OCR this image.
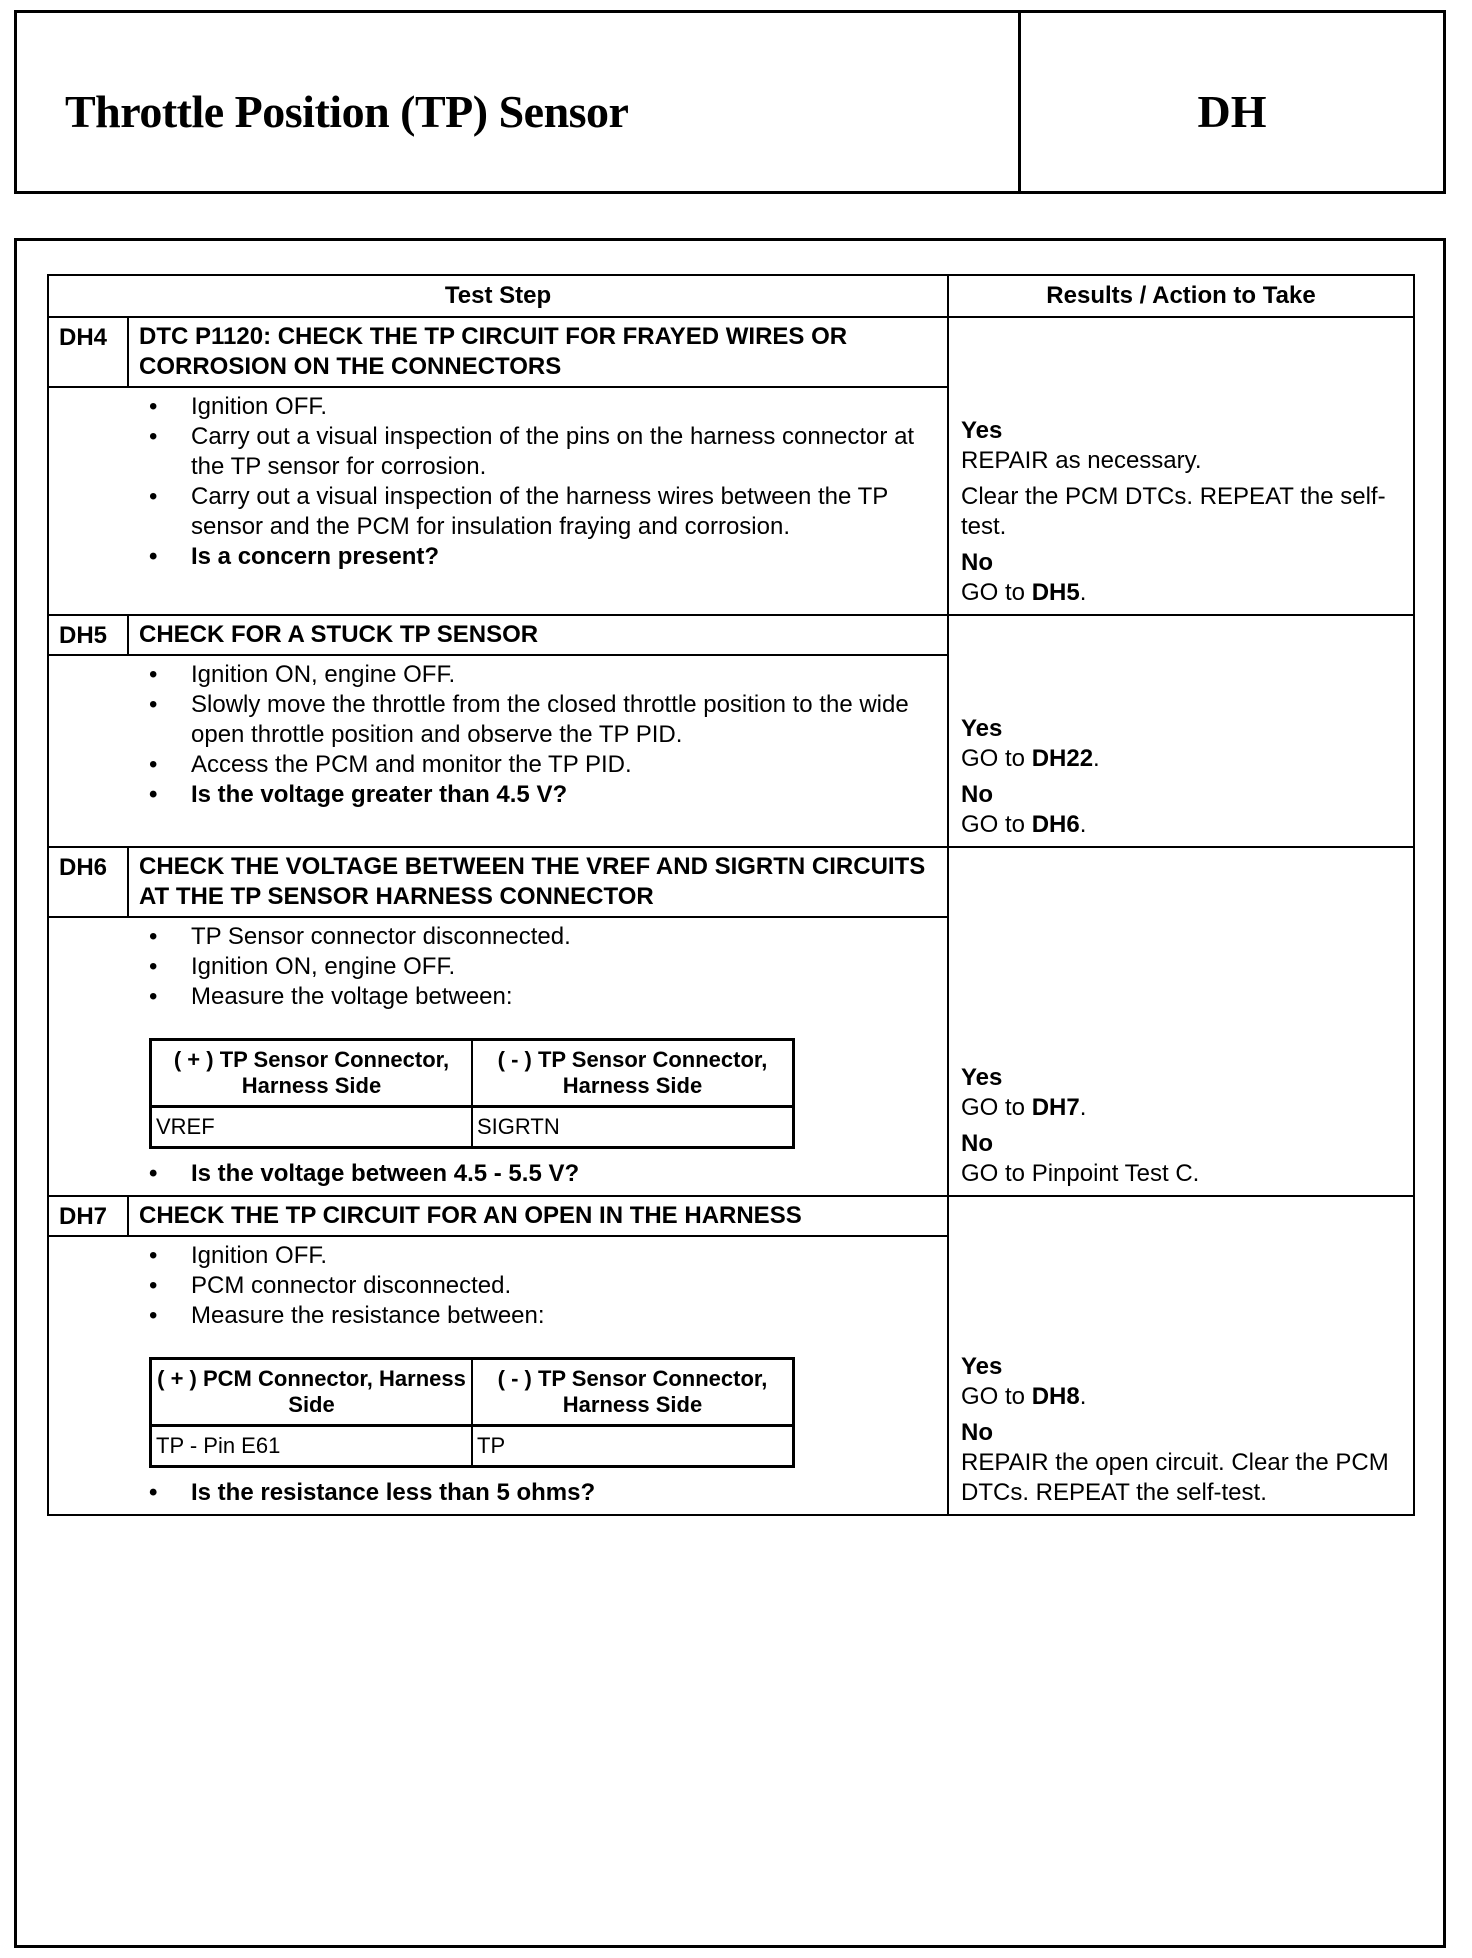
Throttle Position (TP) Sensor	DH
Test Step	Results / Action to Take
DH4	DTC P1120: CHECK THE TP CIRCUIT FOR FRAYED WIRES OR CORROSION ON THE CONNECTORS
• Ignition OFF.
• Carry out a visual inspection of the pins on the harness connector at the TP sensor for corrosion.
• Carry out a visual inspection of the harness wires between the TP sensor and the PCM for insulation fraying and corrosion.
• Is a concern present?
Yes

REPAIR as necessary.

Clear the PCM DTCs. REPEAT the self-test.

No
GO to DH5.
DH5	CHECK FOR A STUCK TP SENSOR
• Ignition ON, engine OFF.
• Slowly move the throttle from the closed throttle position to the wide open throttle position and observe the TP PID.
• Access the PCM and monitor the TP PID.
• Is the voltage greater than 4.5 V?
Yes

GO to DH22.

No
GO to DH6.
DH6	CHECK THE VOLTAGE BETWEEN THE VREF AND SIGRTN CIRCUITS AT THE TP SENSOR HARNESS CONNECTOR
• TP Sensor connector disconnected.
• Ignition ON, engine OFF.
• Measure the voltage between:
( + ) TP Sensor Connector, Harness Side	( - ) TP Sensor Connector, Harness Side
VREF	SIGRTN
• Is the voltage between 4.5 - 5.5 V?
Yes

GO to DH7.

No
GO to Pinpoint Test C.
DH7	CHECK THE TP CIRCUIT FOR AN OPEN IN THE HARNESS
• Ignition OFF.
• PCM connector disconnected.
• Measure the resistance between:
( + ) PCM Connector, Harness Side	( - ) TP Sensor Connector, Harness Side
TP - Pin E61	TP
• Is the resistance less than 5 ohms?
Yes

GO to DH8.

No
REPAIR the open circuit. Clear the PCM DTCs. REPEAT the self-test.
